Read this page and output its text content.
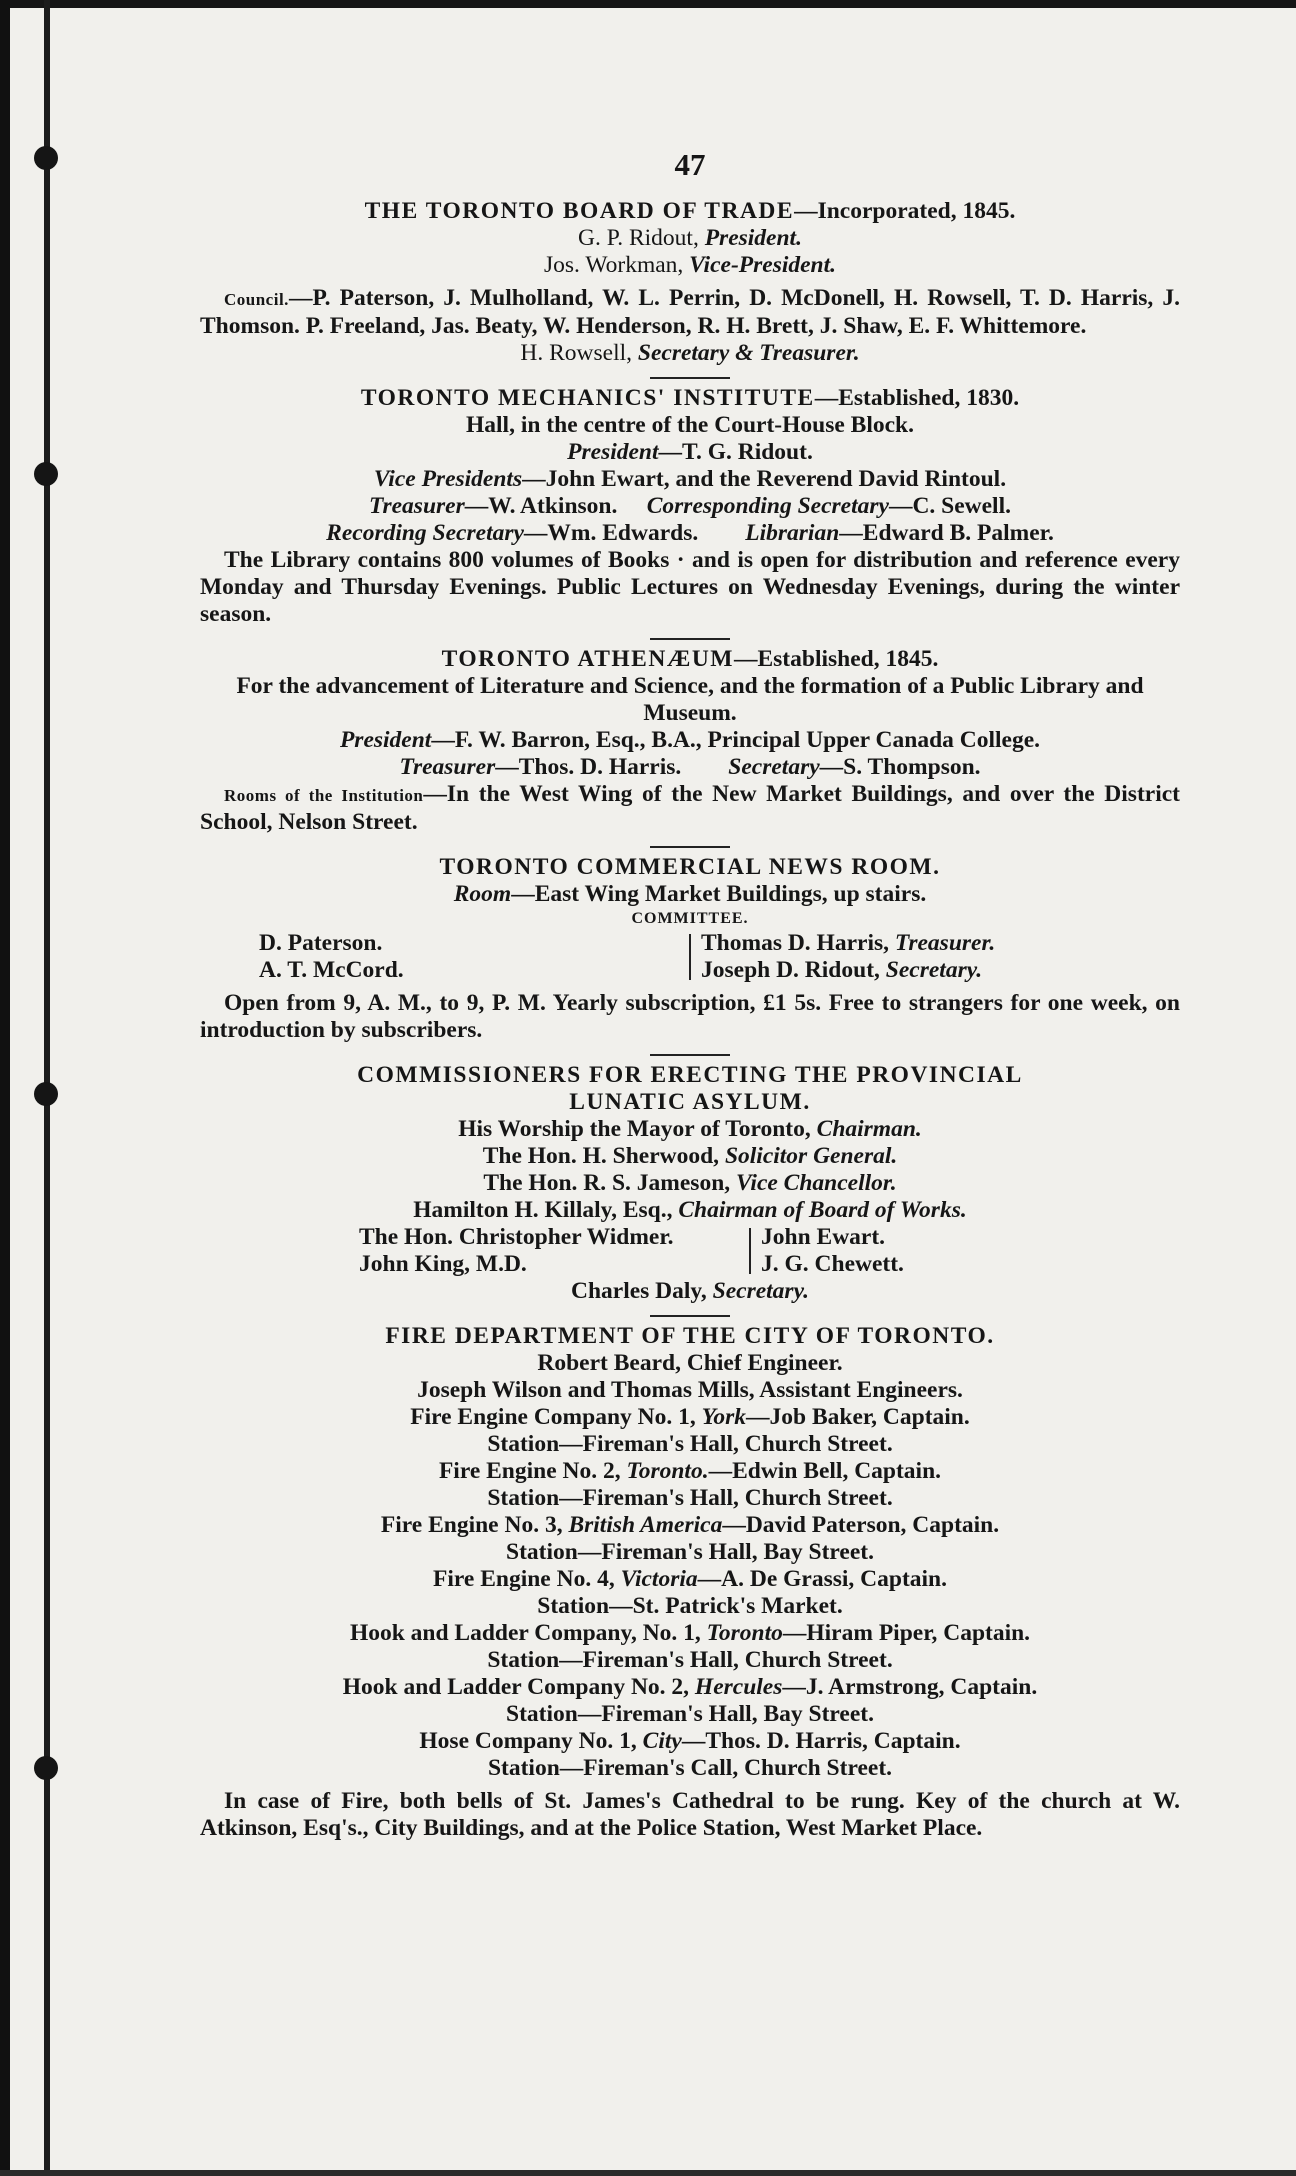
47
THE TORONTO BOARD OF TRADE—Incorporated, 1845.
G. P. Ridout, President.
Jos. Workman, Vice-President.
Council.—P. Paterson, J. Mulholland, W. L. Perrin, D. McDonell, H. Rowsell, T. D. Harris, J. Thomson. P. Freeland, Jas. Beaty, W. Henderson, R. H. Brett, J. Shaw, E. F. Whittemore.
H. Rowsell, Secretary & Treasurer.
TORONTO MECHANICS' INSTITUTE—Established, 1830.
Hall, in the centre of the Court-House Block.
President—T. G. Ridout.
Vice Presidents—John Ewart, and the Reverend David Rintoul.
Treasurer—W. Atkinson. Corresponding Secretary—C. Sewell.
Recording Secretary—Wm. Edwards. Librarian—Edward B. Palmer.
The Library contains 800 volumes of Books · and is open for distribution and reference every Monday and Thursday Evenings. Public Lectures on Wednesday Evenings, during the winter season.
TORONTO ATHENÆUM—Established, 1845.
For the advancement of Literature and Science, and the formation of a Public Library and Museum.
President—F. W. Barron, Esq., B.A., Principal Upper Canada College.
Treasurer—Thos. D. Harris. Secretary—S. Thompson.
Rooms of the Institution—In the West Wing of the New Market Buildings, and over the District School, Nelson Street.
TORONTO COMMERCIAL NEWS ROOM.
Room—East Wing Market Buildings, up stairs.
COMMITTEE.
D. Paterson.
A. T. McCord.
Thomas D. Harris, Treasurer.
Joseph D. Ridout, Secretary.
Open from 9, A. M., to 9, P. M. Yearly subscription, £1 5s. Free to strangers for one week, on introduction by subscribers.
COMMISSIONERS FOR ERECTING THE PROVINCIAL
LUNATIC ASYLUM.
His Worship the Mayor of Toronto, Chairman.
The Hon. H. Sherwood, Solicitor General.
The Hon. R. S. Jameson, Vice Chancellor.
Hamilton H. Killaly, Esq., Chairman of Board of Works.
The Hon. Christopher Widmer.
John King, M.D.
John Ewart.
J. G. Chewett.
Charles Daly, Secretary.
FIRE DEPARTMENT OF THE CITY OF TORONTO.
Robert Beard, Chief Engineer.
Joseph Wilson and Thomas Mills, Assistant Engineers.
Fire Engine Company No. 1, York—Job Baker, Captain.
Station—Fireman's Hall, Church Street.
Fire Engine No. 2, Toronto.—Edwin Bell, Captain.
Station—Fireman's Hall, Church Street.
Fire Engine No. 3, British America—David Paterson, Captain.
Station—Fireman's Hall, Bay Street.
Fire Engine No. 4, Victoria—A. De Grassi, Captain.
Station—St. Patrick's Market.
Hook and Ladder Company, No. 1, Toronto—Hiram Piper, Captain.
Station—Fireman's Hall, Church Street.
Hook and Ladder Company No. 2, Hercules—J. Armstrong, Captain.
Station—Fireman's Hall, Bay Street.
Hose Company No. 1, City—Thos. D. Harris, Captain.
Station—Fireman's Call, Church Street.
In case of Fire, both bells of St. James's Cathedral to be rung. Key of the church at W. Atkinson, Esq's., City Buildings, and at the Police Station, West Market Place.
